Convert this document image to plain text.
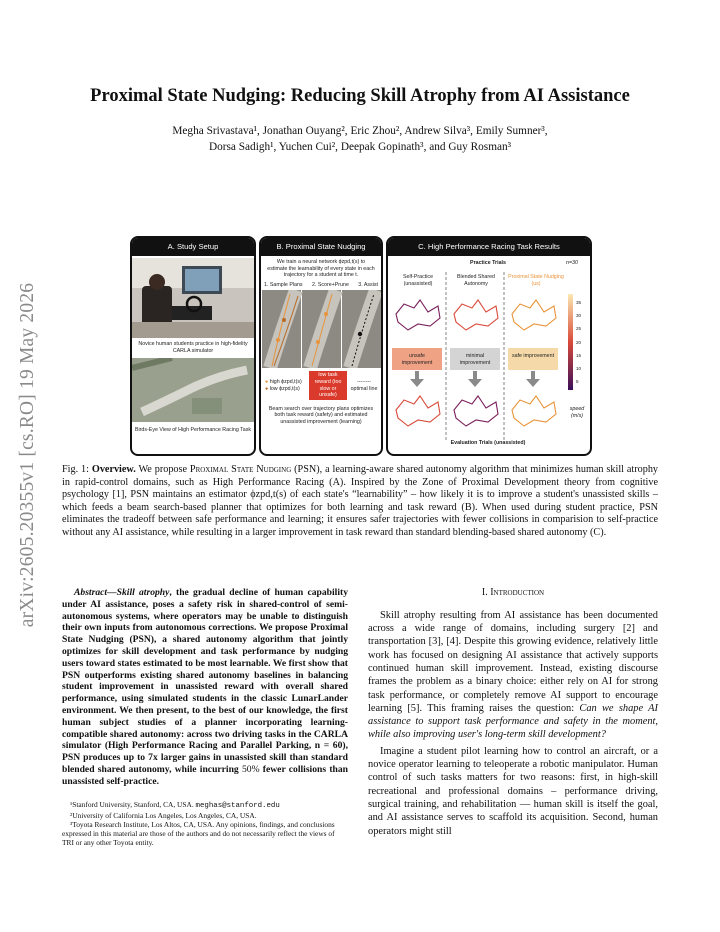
arXiv:2605.20355v1 [cs.RO] 19 May 2026
Proximal State Nudging: Reducing Skill Atrophy from AI Assistance
Megha Srivastava¹, Jonathan Ouyang², Eric Zhou², Andrew Silva³, Emily Sumner³,
Dorsa Sadigh¹, Yuchen Cui², Deepak Gopinath³, and Guy Rosman³
A. Study Setup
Novice human students practice in high-fidelity CARLA simulator
Birds-Eye View of High Performance Racing Task
B. Proximal State Nudging
We train a neural network ϕzpd,t(s) to estimate the learnability of every state in each trajectory for a student at time t.
1. Sample Plans 2. Score+Prune 3. Assist
● high ϕzpd,t(s)
● low ϕzpd,t(s)
low task reward (too slow or unsafe)
--------
optimal line
Beam search over trajectory plans optimizes both task reward (safety) and estimated unassisted improvement (learning)
C. High Performance Racing Task Results
Practice Trials	n=30
Self-Practice (unassisted)
Blended Shared Autonomy
Proximal State Nudging (us)
unsafe improvement
minimal improvement
safe improvement
35
30
25
20
15
10
5
speed (m/s)
Evaluation Trials (unassisted)
Fig. 1: Overview. We propose Proximal State Nudging (PSN), a learning-aware shared autonomy algorithm that minimizes human skill atrophy in rapid-control domains, such as High Performance Racing (A). Inspired by the Zone of Proximal Development theory from cognitive psychology [1], PSN maintains an estimator ϕzpd,t(s) of each state's “learnability” – how likely it is to improve a student's unassisted skills – which feeds a beam search-based planner that optimizes for both learning and task reward (B). When used during student practice, PSN eliminates the tradeoff between safe performance and learning; it ensures safer trajectories with fewer collisions in comparision to self-practice without any AI assistance, while resulting in a larger improvement in task reward than standard blending-based shared autonomy (C).
Abstract—Skill atrophy, the gradual decline of human capability under AI assistance, poses a safety risk in shared-control of semi-autonomous systems, where operators may be unable to distinguish their own inputs from autonomous corrections. We propose Proximal State Nudging (PSN), a shared autonomy algorithm that jointly optimizes for skill development and task performance by nudging users toward states estimated to be most learnable. We first show that PSN outperforms existing shared autonomy baselines in balancing student improvement in unassisted reward with overall shared performance, using simulated students in the classic LunarLander environment. We then present, to the best of our knowledge, the first human subject studies of a planner incorporating learning-compatible shared autonomy: across two driving tasks in the CARLA simulator (High Performance Racing and Parallel Parking, n = 60), PSN produces up to 7x larger gains in unassisted skill than standard blended shared autonomy, while incurring 50% fewer collisions than unassisted self-practice.
¹Stanford University, Stanford, CA, USA. meghas@stanford.edu
²University of California Los Angeles, Los Angeles, CA, USA.
³Toyota Research Institute, Los Altos, CA, USA. Any opinions, findings, and conclusions expressed in this material are those of the authors and do not necessarily reflect the views of TRI or any other Toyota entity.
I. Introduction
Skill atrophy resulting from AI assistance has been documented across a wide range of domains, including surgery [2] and transportation [3], [4]. Despite this growing evidence, relatively little work has focused on designing AI assistance that actively supports continued human skill improvement. Instead, existing discourse frames the problem as a binary choice: either rely on AI for strong task performance, or completely remove AI support to encourage learning [5]. This framing raises the question: Can we shape AI assistance to support task performance and safety in the moment, while also improving user's long-term skill development?
Imagine a student pilot learning how to control an aircraft, or a novice operator learning to teleoperate a robotic manipulator. Human control of such tasks matters for two reasons: first, in high-skill recreational and professional domains – performance driving, surgical training, and rehabilitation — human skill is itself the goal, and AI assistance serves to scaffold its acquisition. Second, human operators might still
